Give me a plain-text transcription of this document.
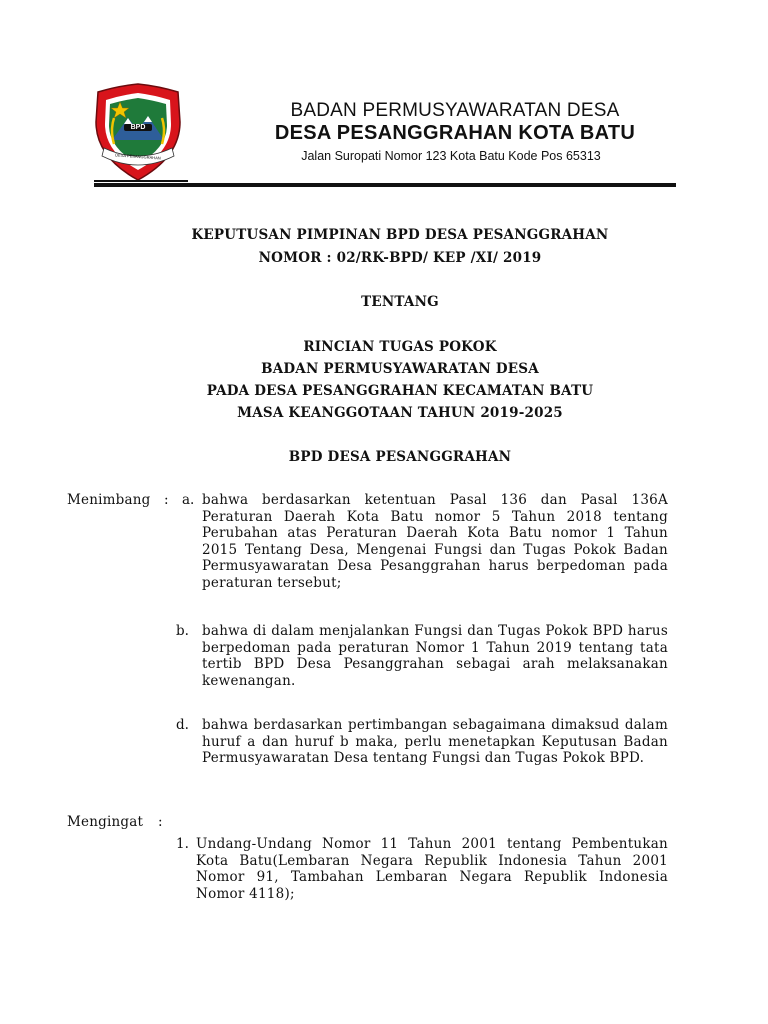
BPD
DESA PESANGGRAHAN
BADAN PERMUSYAWARATAN DESA
DESA PESANGGRAHAN KOTA BATU
Jalan Suropati Nomor 123 Kota Batu Kode Pos 65313
KEPUTUSAN PIMPINAN BPD DESA PESANGGRAHAN
NOMOR : 02/RK-BPD/ KEP /XI/ 2019
TENTANG
RINCIAN TUGAS POKOK
BADAN PERMUSYAWARATAN DESA
PADA DESA PESANGGRAHAN KECAMATAN BATU
MASA KEANGGOTAAN TAHUN 2019-2025
BPD DESA PESANGGRAHAN
Menimbang : a. bahwa berdasarkan ketentuan Pasal 136 dan Pasal 136A Peraturan Daerah Kota Batu nomor 5 Tahun 2018 tentang Perubahan atas Peraturan Daerah Kota Batu nomor 1 Tahun 2015 Tentang Desa, Mengenai Fungsi dan Tugas Pokok Badan Permusyawaratan Desa Pesanggrahan harus berpedoman pada peraturan tersebut;

b. bahwa di dalam menjalankan Fungsi dan Tugas Pokok BPD harus berpedoman pada peraturan Nomor 1 Tahun 2019 tentang tata tertib BPD Desa Pesanggrahan sebagai arah melaksanakan kewenangan.

d. bahwa berdasarkan pertimbangan sebagaimana dimaksud dalam huruf a dan huruf b maka, perlu menetapkan Keputusan Badan Permusyawaratan Desa tentang Fungsi dan Tugas Pokok BPD.

Mengingat :
1. Undang-Undang Nomor 11 Tahun 2001 tentang Pembentukan Kota Batu(Lembaran Negara Republik Indonesia Tahun 2001 Nomor 91, Tambahan Lembaran Negara Republik Indonesia Nomor 4118);
